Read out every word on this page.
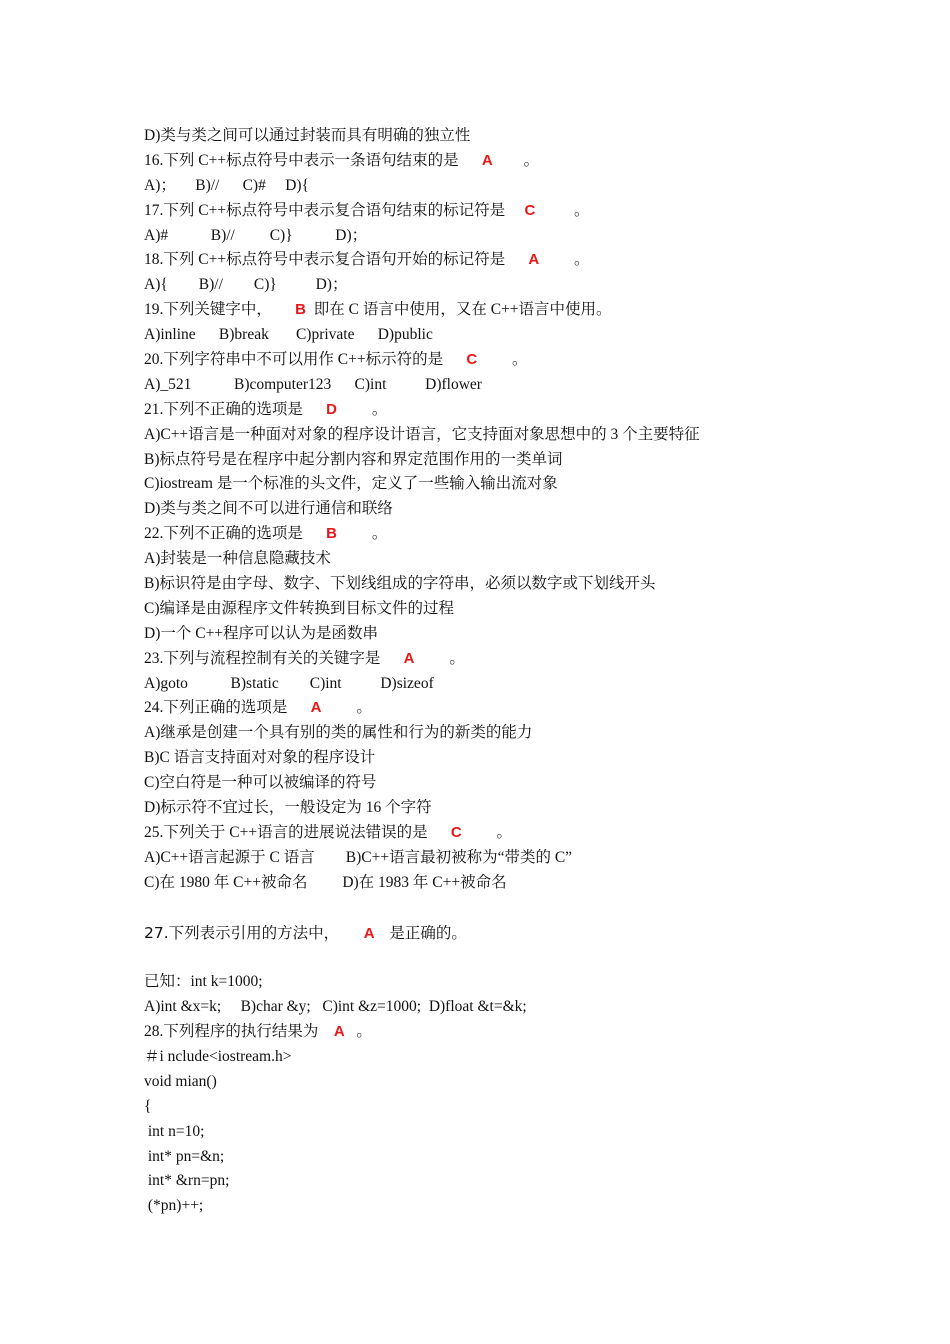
D)类与类之间可以通过封装而具有明确的独立性
16.下列 C++标点符号中表示一条语句结束的是      A        。
A)；     B)//      C)#     D){
17.下列 C++标点符号中表示复合语句结束的标记符是     C          。
A)#           B)//         C)}           D)；
18.下列 C++标点符号中表示复合语句开始的标记符是      A         。
A){        B)//        C)}          D)；
19.下列关键字中，      B  即在 C 语言中使用，又在 C++语言中使用。
A)inline      B)break       C)private      D)public
20.下列字符串中不可以用作 C++标示符的是      C         。
A)_521           B)computer123      C)int          D)flower
21.下列不正确的选项是      D         。
A)C++语言是一种面对对象的程序设计语言，它支持面对象思想中的 3 个主要特征
B)标点符号是在程序中起分割内容和界定范围作用的一类单词
C)iostream 是一个标准的头文件，定义了一些输入输出流对象
D)类与类之间不可以进行通信和联络
22.下列不正确的选项是      B         。
A)封装是一种信息隐藏技术
B)标识符是由字母、数字、下划线组成的字符串，必须以数字或下划线开头
C)编译是由源程序文件转换到目标文件的过程
D)一个 C++程序可以认为是函数串
23.下列与流程控制有关的关键字是      A         。
A)goto           B)static        C)int          D)sizeof
24.下列正确的选项是      A         。
A)继承是创建一个具有别的类的属性和行为的新类的能力
B)C 语言支持面对对象的程序设计
C)空白符是一种可以被编译的符号
D)标示符不宜过长，一般设定为 16 个字符
25.下列关于 C++语言的进展说法错误的是      C         。
A)C++语言起源于 C 语言        B)C++语言最初被称为“带类的 C”
C)在 1980 年 C++被命名         D)在 1983 年 C++被命名
27.下列表示引用的方法中，     A   是正确的。
已知：int k=1000;
A)int &x=k;     B)char &y;   C)int &z=1000;  D)float &t=&k;
28.下列程序的执行结果为    A   。
＃i nclude<iostream.h>
void mian()
{
int n=10;
int* pn=&n;
int* &rn=pn;
(*pn)++;
